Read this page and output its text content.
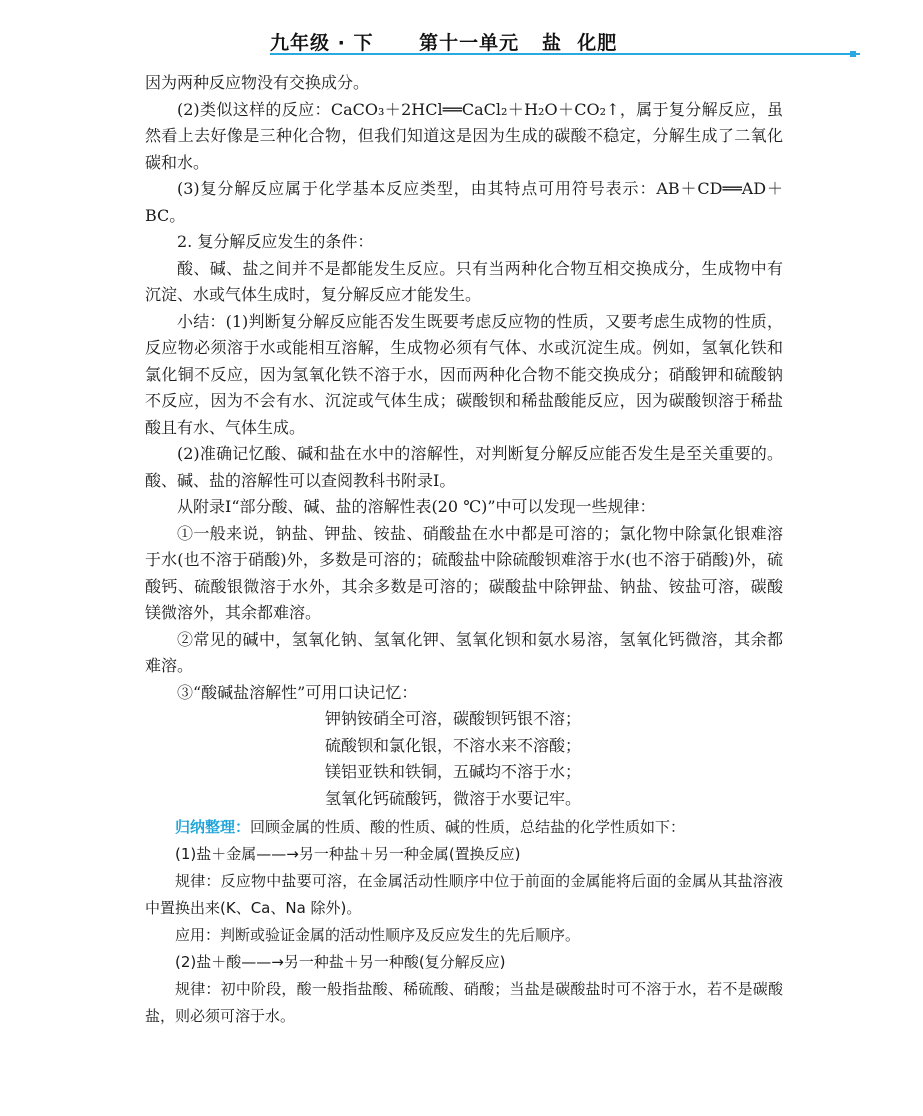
九年级 · 下 第十一单元 盐  化肥

因为两种反应物没有交换成分。

(2)类似这样的反应：CaCO₃＋2HCl══CaCl₂＋H₂O＋CO₂↑，属于复分解反应，虽然看上去好像是三种化合物，但我们知道这是因为生成的碳酸不稳定，分解生成了二氧化碳和水。

(3)复分解反应属于化学基本反应类型，由其特点可用符号表示：AB＋CD══AD＋BC。

2. 复分解反应发生的条件：

酸、碱、盐之间并不是都能发生反应。只有当两种化合物互相交换成分，生成物中有沉淀、水或气体生成时，复分解反应才能发生。

小结：(1)判断复分解反应能否发生既要考虑反应物的性质，又要考虑生成物的性质，反应物必须溶于水或能相互溶解，生成物必须有气体、水或沉淀生成。例如，氢氧化铁和氯化铜不反应，因为氢氧化铁不溶于水，因而两种化合物不能交换成分；硝酸钾和硫酸钠不反应，因为不会有水、沉淀或气体生成；碳酸钡和稀盐酸能反应，因为碳酸钡溶于稀盐酸且有水、气体生成。

(2)准确记忆酸、碱和盐在水中的溶解性，对判断复分解反应能否发生是至关重要的。酸、碱、盐的溶解性可以查阅教科书附录Ⅰ。

从附录Ⅰ“部分酸、碱、盐的溶解性表(20 ℃)”中可以发现一些规律：

①一般来说，钠盐、钾盐、铵盐、硝酸盐在水中都是可溶的；氯化物中除氯化银难溶于水(也不溶于硝酸)外，多数是可溶的；硫酸盐中除硫酸钡难溶于水(也不溶于硝酸)外，硫酸钙、硫酸银微溶于水外，其余多数是可溶的；碳酸盐中除钾盐、钠盐、铵盐可溶，碳酸镁微溶外，其余都难溶。

②常见的碱中，氢氧化钠、氢氧化钾、氢氧化钡和氨水易溶，氢氧化钙微溶，其余都难溶。

③“酸碱盐溶解性”可用口诀记忆：

钾钠铵硝全可溶，碳酸钡钙银不溶；

硫酸钡和氯化银，不溶水来不溶酸；

镁铝亚铁和铁铜，五碱均不溶于水；

氢氧化钙硫酸钙，微溶于水要记牢。

归纳整理：回顾金属的性质、酸的性质、碱的性质，总结盐的化学性质如下：

(1)盐＋金属——→另一种盐＋另一种金属(置换反应)

规律：反应物中盐要可溶，在金属活动性顺序中位于前面的金属能将后面的金属从其盐溶液中置换出来(K、Ca、Na 除外)。

应用：判断或验证金属的活动性顺序及反应发生的先后顺序。

(2)盐＋酸——→另一种盐＋另一种酸(复分解反应)

规律：初中阶段，酸一般指盐酸、稀硫酸、硝酸；当盐是碳酸盐时可不溶于水，若不是碳酸盐，则必须可溶于水。
